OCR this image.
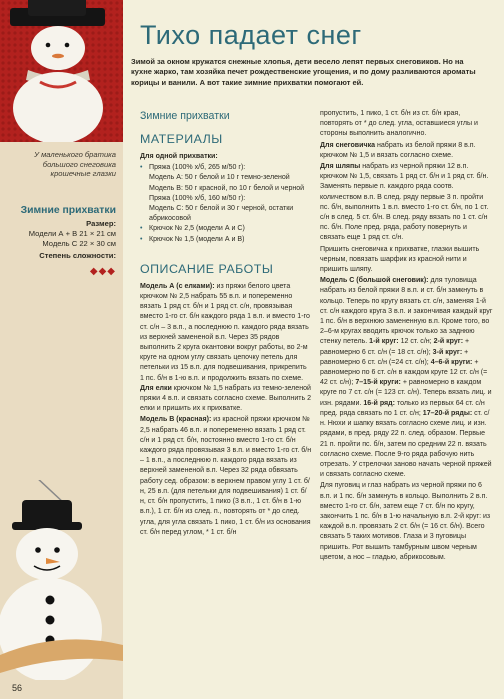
У маленького братика
большого снеговика
крошечные глазки
Зимние прихватки
Размер:
Модели А + В 21 × 21 см
Модель С 22 × 30 см
Степень сложности:
◆◆◆
56
Тихо падает снег
Зимой за окном кружатся снежные хлопья, дети весело лепят первых снеговиков. Но на кухне жарко, там хозяйка печет рождественские угощения, и по дому разливаются ароматы корицы и ванили. А вот такие зимние прихватки помогают ей.
Зимние прихватки
МАТЕРИАЛЫ

Для одной прихватки:

• Пряжа (100% х/б, 265 м/50 г):
Модель А: 50 г белой и 10 г темно-зеленой
Модель В: 50 г красной, по 10 г белой и черной
Пряжа (100% х/б, 160 м/50 г):
Модель С: 50 г белой и 30 г черной, остатки абрикосовой
• Крючок № 2,5 (модели А и С)
• Крючок № 1,5 (модели А и В)
ОПИСАНИЕ РАБОТЫ

Модель А (с елками): из пряжи белого цвета крючком № 2,5 набрать 55 в.п. и попеременно вязать 1 ряд ст. б/н и 1 ряд ст. с/н, провязывая вместо 1-го ст. б/н каждого ряда 1 в.п. и вместо 1-го ст. с/н – 3 в.п., а последнюю п. каждого ряда вязать из верхней замененой в.п. Через 35 рядов выполнить 2 круга окантовки вокруг работы, во 2-м круге на одном углу связать цепочку петель для петельки из 15 в.п. для подвешивания, прикрепить 1 пс. б/н в 1-ю в.п. и продолжить вязать по схеме. Для елки крючком № 1,5 набрать из темно-зеленой пряжи 4 в.п. и связать согласно схеме. Выполнить 2 елки и пришить их к прихватке.

Модель В (красная): из красной пряжи крючком № 2,5 набрать 46 в.п. и попеременно вязать 1 ряд ст. с/н и 1 ряд ст. б/н, постоянно вместо 1-го ст. б/н каждого ряда провязывая 3 в.п. и вместо 1-го ст. б/н – 1 в.п., а последнюю п. каждого ряда вязать из верхней замененой в.п. Через 32 ряда обвязать работу сед. образом: в верхнем правом углу 1 ст. б/н, 25 в.п. (для петельки для подвешивания) 1 ст. б/н, ст. б/н пропустить, 1 пико (3 в.п., 1 ст. б/н в 1-ю в.п.), 1 ст. б/н из след. п., повторять от * до след. угла, для угла связать 1 пико, 1 ст. б/н из основания ст. б/н перед углом, * 1 ст. б/н

пропустить, 1 пико, 1 ст. б/н из ст. б/н края, повторять от * до след. угла, оставшиеся углы и стороны выполнить аналогично.

Для снеговичка набрать из белой пряжи 8 в.п. крючком № 1,5 и вязать согласно схеме.

Для шляпы набрать из черной пряжи 12 в.п. крючком № 1,5, связать 1 ряд ст. б/н и 1 ряд ст. б/н. Заменять первые п. каждого ряда соотв. количеством в.п. В след. ряду первые 3 п. пройти пс. б/н, выполнить 1 в.п. вместо 1-го ст. б/н, по 1 ст. с/н в след. 5 ст. б/н. В след. ряду вязать по 1 ст. с/н пс. б/н. Поле пред. ряда, работу повернуть и связать еще 1 ряд ст. с/н.

Пришить снеговичка к прихватке, глазки вышить черным, повязать шарфик из красной нити и пришить шляпу.

Модель С (большой снеговик): для туловища набрать из белой пряжи 8 в.п. и ст. б/н замкнуть в кольцо. Теперь по кругу вязать ст. с/н, заменяя 1-й ст. с/н каждого круга 3 в.п. и закончивая каждый круг 1 пс. б/н в верхнюю замененную в.п. Кроме того, во 2–6-м кругах вводить крючок только за заднюю стенку петель. 1-й круг: 12 ст. с/н; 2-й круг: + равномерно 6 ст. с/н (= 18 ст. с/н); 3-й круг: + равномерно 6 ст. с/н (=24 ст. с/н); 4–6-й круги: + равномерно по 6 ст. с/н в каждом круге 12 ст. с/н (= 42 ст. с/н); 7–15-й круги: + равномерно в каждом круге по 7 ст. с/н (= 123 ст. с/н). Теперь вязать лиц. и изн. рядами. 16-й ряд: только из первых 64 ст. с/н пред. ряда связать по 1 ст. с/н; 17–20-й ряды: ст. с/н. Нюхи и шапку вязать согласно схеме лиц. и изн. рядами, в пред. ряду 22 п. след. образом. Первые 21 п. пройти пс. б/н, затем по средним 22 п. вязать согласно схеме. После 9-го ряда рабочую нить отрезать. У стрелочки заново начать черной пряжей и связать согласно схеме.

Для пуговиц и глаз набрать из черной пряжи по 6 в.п. и 1 пс. б/н замкнуть в кольцо. Выполнить 2 в.п. вместо 1-го ст. б/н, затем еще 7 ст. б/н по кругу, закончить 1 пс. б/н в 1-ю начальную в.п. 2-й круг: из каждой в.п. провязать 2 ст. б/н (= 16 ст. б/н). Всего связать 5 таких мотивов. Глаза и 3 пуговицы пришить. Рот вышить тамбурным швом черным цветом, а нос – гладью, абрикосовым.
